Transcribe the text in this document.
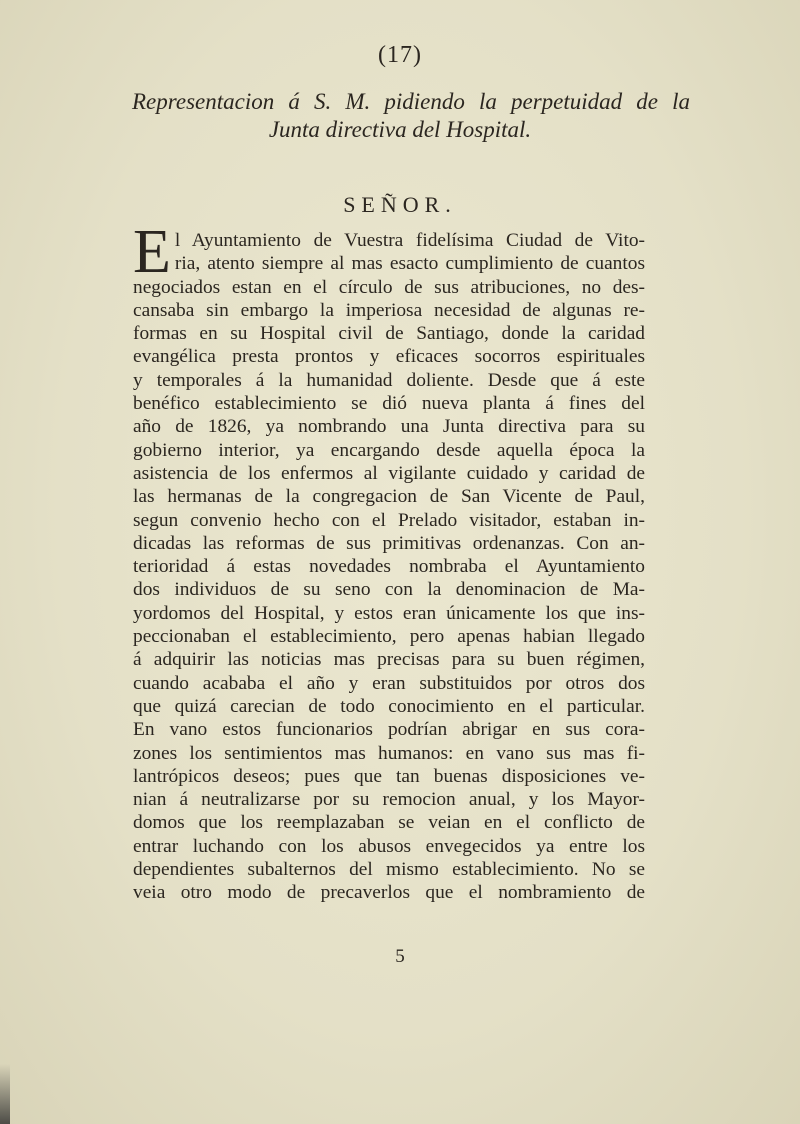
(17)
Representacion á S. M. pidiendo la perpetuidad de la
Junta directiva del Hospital.
SEÑOR.
E l Ayuntamiento de Vuestra fidelísima Ciudad de Vito-
ria, atento siempre al mas esacto cumplimiento de cuantos
negociados estan en el círculo de sus atribuciones, no des-
cansaba sin embargo la imperiosa necesidad de algunas re-
formas en su Hospital civil de Santiago, donde la caridad
evangélica presta prontos y eficaces socorros espirituales
y temporales á la humanidad doliente. Desde que á este
benéfico establecimiento se dió nueva planta á fines del
año de 1826, ya nombrando una Junta directiva para su
gobierno interior, ya encargando desde aquella época la
asistencia de los enfermos al vigilante cuidado y caridad de
las hermanas de la congregacion de San Vicente de Paul,
segun convenio hecho con el Prelado visitador, estaban in-
dicadas las reformas de sus primitivas ordenanzas. Con an-
terioridad á estas novedades nombraba el Ayuntamiento
dos individuos de su seno con la denominacion de Ma-
yordomos del Hospital, y estos eran únicamente los que ins-
peccionaban el establecimiento, pero apenas habian llegado
á adquirir las noticias mas precisas para su buen régimen,
cuando acababa el año y eran substituidos por otros dos
que quizá carecian de todo conocimiento en el particular.
En vano estos funcionarios podrían abrigar en sus cora-
zones los sentimientos mas humanos: en vano sus mas fi-
lantrópicos deseos; pues que tan buenas disposiciones ve-
nian á neutralizarse por su remocion anual, y los Mayor-
domos que los reemplazaban se veian en el conflicto de
entrar luchando con los abusos envegecidos ya entre los
dependientes subalternos del mismo establecimiento. No se
veia otro modo de precaverlos que el nombramiento de
5
